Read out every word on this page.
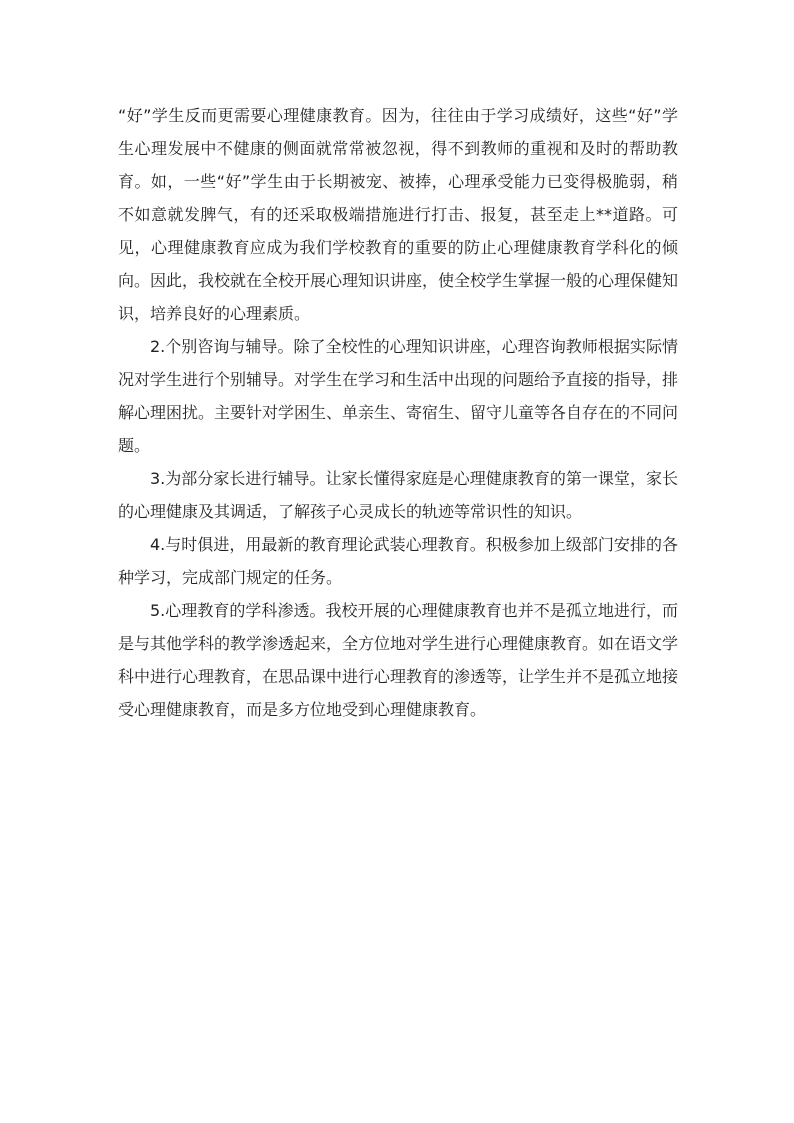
“好”学生反而更需要心理健康教育。因为，往往由于学习成绩好，这些“好”学生心理发展中不健康的侧面就常常被忽视，得不到教师的重视和及时的帮助教育。如，一些“好”学生由于长期被宠、被捧，心理承受能力已变得极脆弱，稍不如意就发脾气，有的还采取极端措施进行打击、报复，甚至走上**道路。可见，心理健康教育应成为我们学校教育的重要的防止心理健康教育学科化的倾向。因此，我校就在全校开展心理知识讲座，使全校学生掌握一般的心理保健知识，培养良好的心理素质。

2.个别咨询与辅导。除了全校性的心理知识讲座，心理咨询教师根据实际情况对学生进行个别辅导。对学生在学习和生活中出现的问题给予直接的指导，排解心理困扰。主要针对学困生、单亲生、寄宿生、留守儿童等各自存在的不同问题。

3.为部分家长进行辅导。让家长懂得家庭是心理健康教育的第一课堂，家长的心理健康及其调适，了解孩子心灵成长的轨迹等常识性的知识。

4.与时俱进，用最新的教育理论武装心理教育。积极参加上级部门安排的各种学习，完成部门规定的任务。

5.心理教育的学科渗透。我校开展的心理健康教育也并不是孤立地进行，而是与其他学科的教学渗透起来，全方位地对学生进行心理健康教育。如在语文学科中进行心理教育，在思品课中进行心理教育的渗透等，让学生并不是孤立地接受心理健康教育，而是多方位地受到心理健康教育。
